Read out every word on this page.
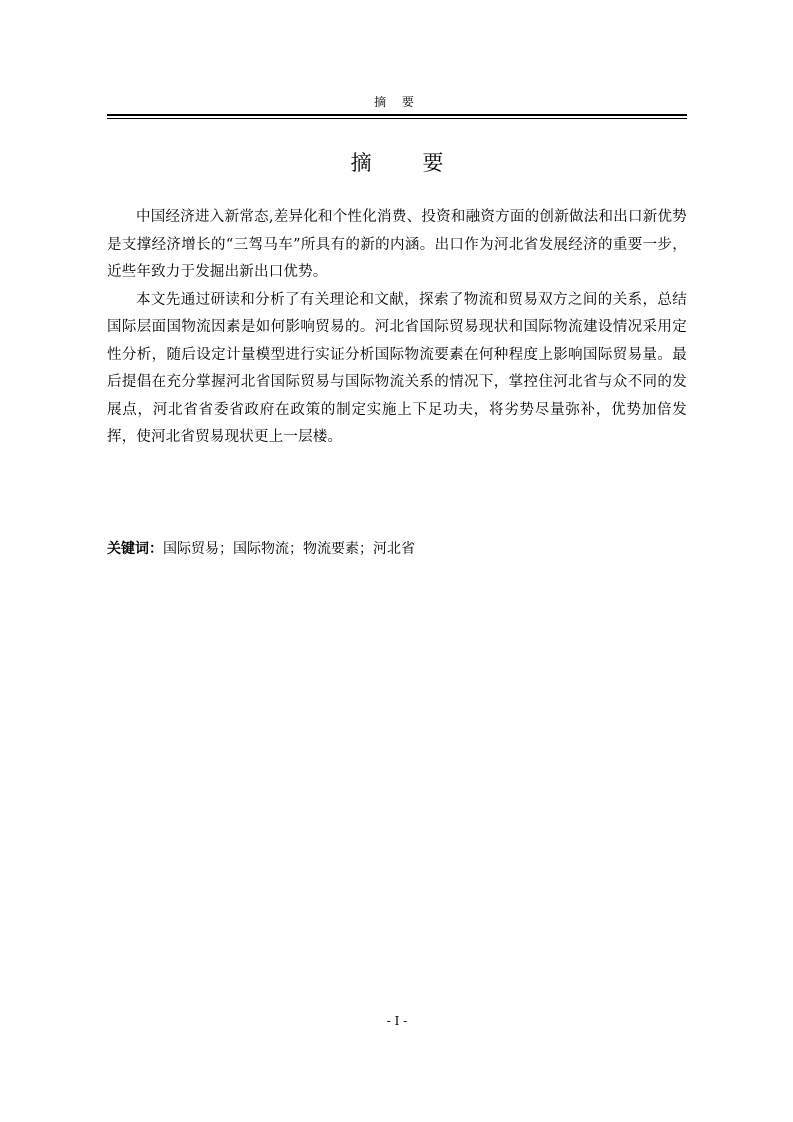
摘 要
摘 要

中国经济进入新常态,差异化和个性化消费、投资和融资方面的创新做法和出口新优势是支撑经济增长的“三驾马车”所具有的新的内涵。出口作为河北省发展经济的重要一步，近些年致力于发掘出新出口优势。

本文先通过研读和分析了有关理论和文献，探索了物流和贸易双方之间的关系，总结国际层面国物流因素是如何影响贸易的。河北省国际贸易现状和国际物流建设情况采用定性分析，随后设定计量模型进行实证分析国际物流要素在何种程度上影响国际贸易量。最后提倡在充分掌握河北省国际贸易与国际物流关系的情况下，掌控住河北省与众不同的发展点，河北省省委省政府在政策的制定实施上下足功夫，将劣势尽量弥补，优势加倍发挥，使河北省贸易现状更上一层楼。

关键词：国际贸易；国际物流；物流要素；河北省
- I -
